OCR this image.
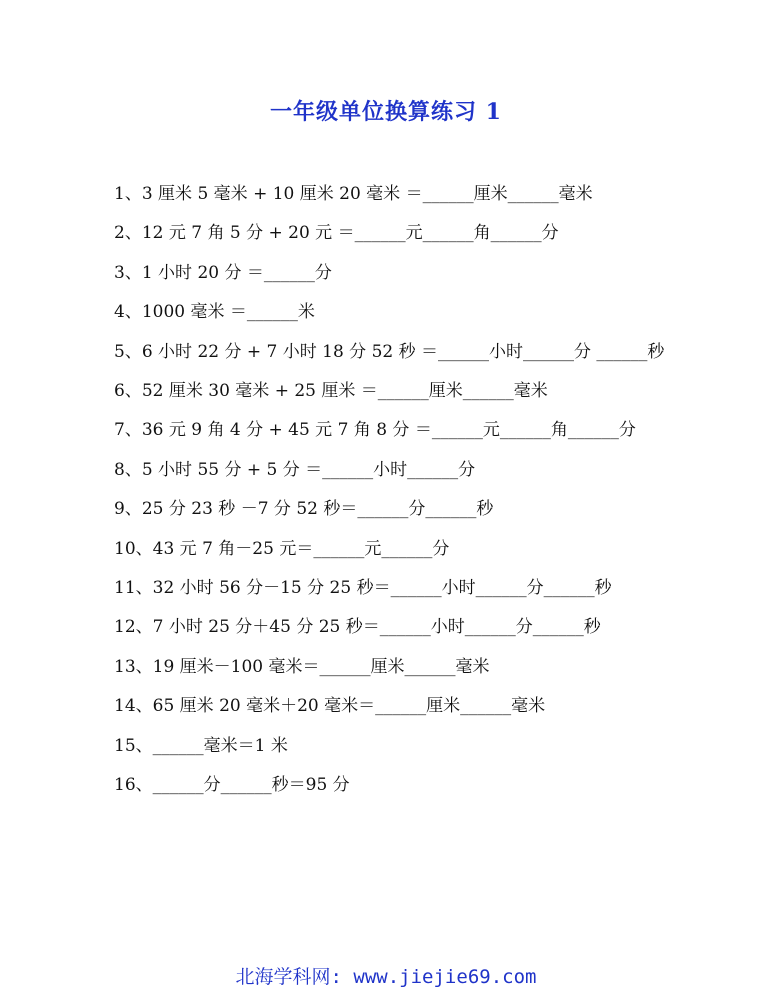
一年级单位换算练习 1
1、3 厘米 5 毫米 + 10 厘米 20 毫米 ＝______厘米______毫米
2、12 元 7 角 5 分 + 20 元 ＝______元______角______分
3、1 小时 20 分 ＝______分
4、1000 毫米 ＝______米
5、6 小时 22 分 + 7 小时 18 分 52 秒 ＝______小时______分 ______秒
6、52 厘米 30 毫米 + 25 厘米 ＝______厘米______毫米
7、36 元 9 角 4 分 + 45 元 7 角 8 分 ＝______元______角______分
8、5 小时 55 分 + 5 分 ＝______小时______分
9、25 分 23 秒 －7 分 52 秒＝______分______秒
10、43 元 7 角－25 元＝______元______分
11、32 小时 56 分－15 分 25 秒＝______小时______分______秒
12、7 小时 25 分＋45 分 25 秒＝______小时______分______秒
13、19 厘米－100 毫米＝______厘米______毫米
14、65 厘米 20 毫米＋20 毫米＝______厘米______毫米
15、______毫米＝1 米
16、______分______秒＝95 分
北海学科网: www.jiejie69.com
